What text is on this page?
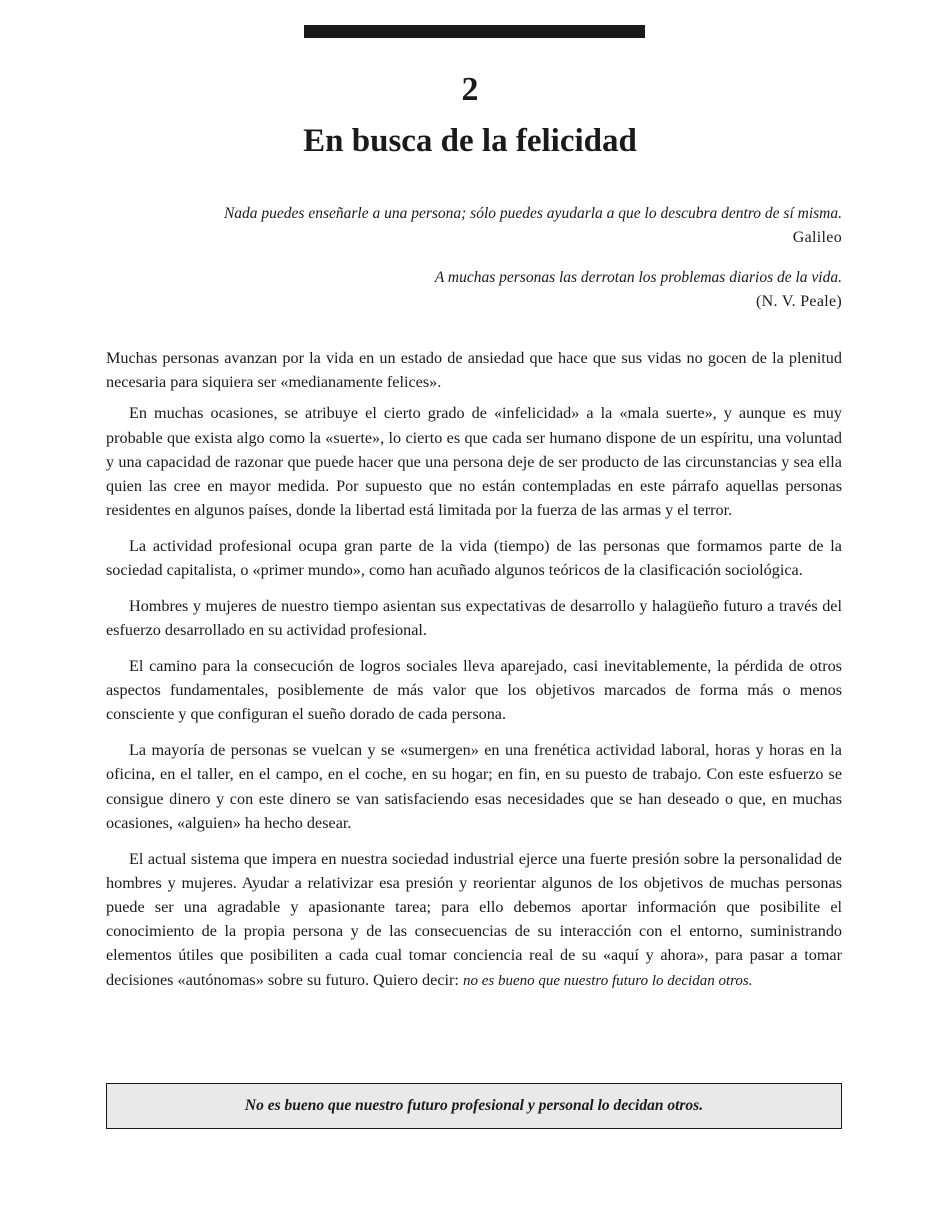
2
En busca de la felicidad
Nada puedes enseñarle a una persona; sólo puedes ayudarla a que lo descubra dentro de sí misma.
Galileo
A muchas personas las derrotan los problemas diarios de la vida.
(N. V. Peale)

Muchas personas avanzan por la vida en un estado de ansiedad que hace que sus vidas no gocen de la plenitud necesaria para siquiera ser «medianamente felices».

En muchas ocasiones, se atribuye el cierto grado de «infelicidad» a la «mala suerte», y aunque es muy probable que exista algo como la «suerte», lo cierto es que cada ser humano dispone de un espíritu, una voluntad y una capacidad de razonar que puede hacer que una persona deje de ser producto de las circunstancias y sea ella quien las cree en mayor medida. Por supuesto que no están contempladas en este párrafo aquellas personas residentes en algunos países, donde la libertad está limitada por la fuerza de las armas y el terror.

La actividad profesional ocupa gran parte de la vida (tiempo) de las personas que formamos parte de la sociedad capitalista, o «primer mundo», como han acuñado algunos teóricos de la clasificación sociológica.

Hombres y mujeres de nuestro tiempo asientan sus expectativas de desarrollo y halagüeño futuro a través del esfuerzo desarrollado en su actividad profesional.

El camino para la consecución de logros sociales lleva aparejado, casi inevitablemente, la pérdida de otros aspectos fundamentales, posiblemente de más valor que los objetivos marcados de forma más o menos consciente y que configuran el sueño dorado de cada persona.

La mayoría de personas se vuelcan y se «sumergen» en una frenética actividad laboral, horas y horas en la oficina, en el taller, en el campo, en el coche, en su hogar; en fin, en su puesto de trabajo. Con este esfuerzo se consigue dinero y con este dinero se van satisfaciendo esas necesidades que se han deseado o que, en muchas ocasiones, «alguien» ha hecho desear.

El actual sistema que impera en nuestra sociedad industrial ejerce una fuerte presión sobre la personalidad de hombres y mujeres. Ayudar a relativizar esa presión y reorientar algunos de los objetivos de muchas personas puede ser una agradable y apasionante tarea; para ello debemos aportar información que posibilite el conocimiento de la propia persona y de las consecuencias de su interacción con el entorno, suministrando elementos útiles que posibiliten a cada cual tomar conciencia real de su «aquí y ahora», para pasar a tomar decisiones «autónomas» sobre su futuro. Quiero decir: no es bueno que nuestro futuro lo decidan otros.

No es bueno que nuestro futuro profesional y personal lo decidan otros.
